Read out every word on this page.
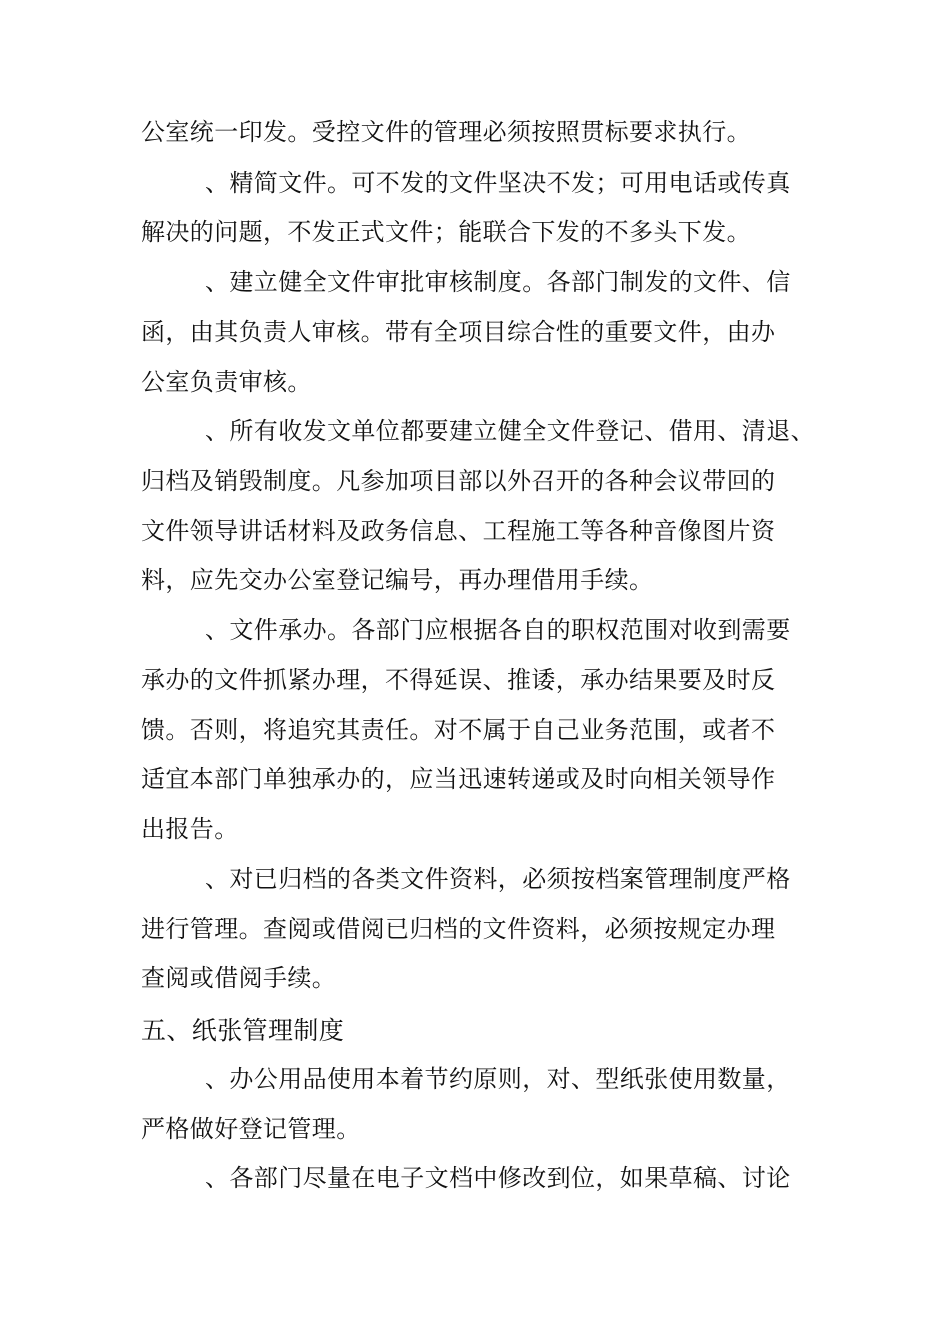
公室统一印发。受控文件的管理必须按照贯标要求执行。
、精简文件。可不发的文件坚决不发；可用电话或传真
解决的问题，不发正式文件；能联合下发的不多头下发。
、建立健全文件审批审核制度。各部门制发的文件、信
函，由其负责人审核。带有全项目综合性的重要文件，由办
公室负责审核。
、所有收发文单位都要建立健全文件登记、借用、清退、
归档及销毁制度。凡参加项目部以外召开的各种会议带回的
文件领导讲话材料及政务信息、工程施工等各种音像图片资
料，应先交办公室登记编号，再办理借用手续。
、文件承办。各部门应根据各自的职权范围对收到需要
承办的文件抓紧办理，不得延误、推诿，承办结果要及时反
馈。否则，将追究其责任。对不属于自己业务范围，或者不
适宜本部门单独承办的，应当迅速转递或及时向相关领导作
出报告。
、对已归档的各类文件资料，必须按档案管理制度严格
进行管理。查阅或借阅已归档的文件资料，必须按规定办理
查阅或借阅手续。
五、纸张管理制度
、办公用品使用本着节约原则，对、型纸张使用数量，
严格做好登记管理。
、各部门尽量在电子文档中修改到位，如果草稿、讨论
